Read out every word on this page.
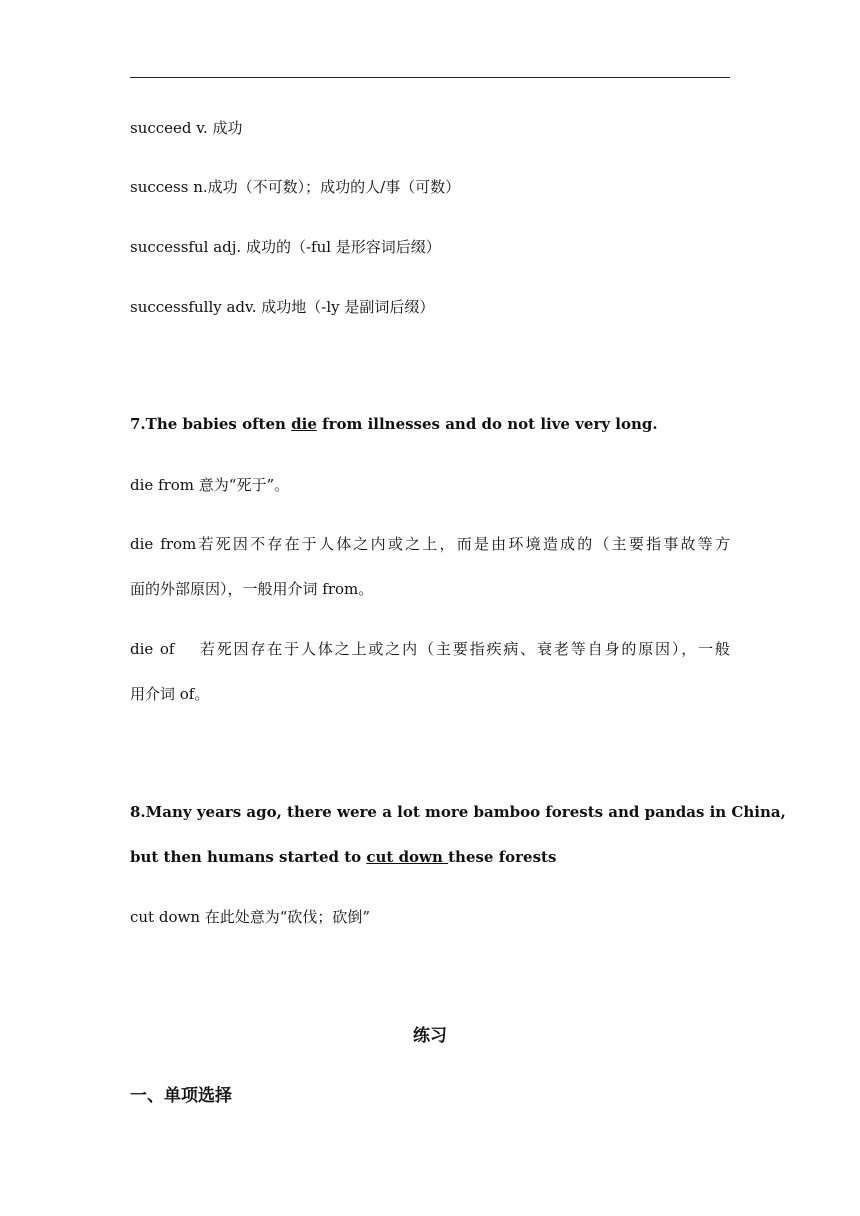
succeed v. 成功
success n.成功（不可数）；成功的人/事（可数）
successful adj. 成功的（-ful 是形容词后缀）
successfully adv. 成功地（-ly 是副词后缀）
7.The babies often die from illnesses and do not live very long.
die from 意为“死于”。
die from若死因不存在于人体之内或之上，而是由环境造成的（主要指事故等方
面的外部原因），一般用介词 from。
die of　 若死因存在于人体之上或之内（主要指疾病、衰老等自身的原因），一般
用介词 of。
8.Many years ago, there were a lot more bamboo forests and pandas in China,
but then humans started to cut down these forests
cut down 在此处意为“砍伐；砍倒”
练习
一、单项选择
